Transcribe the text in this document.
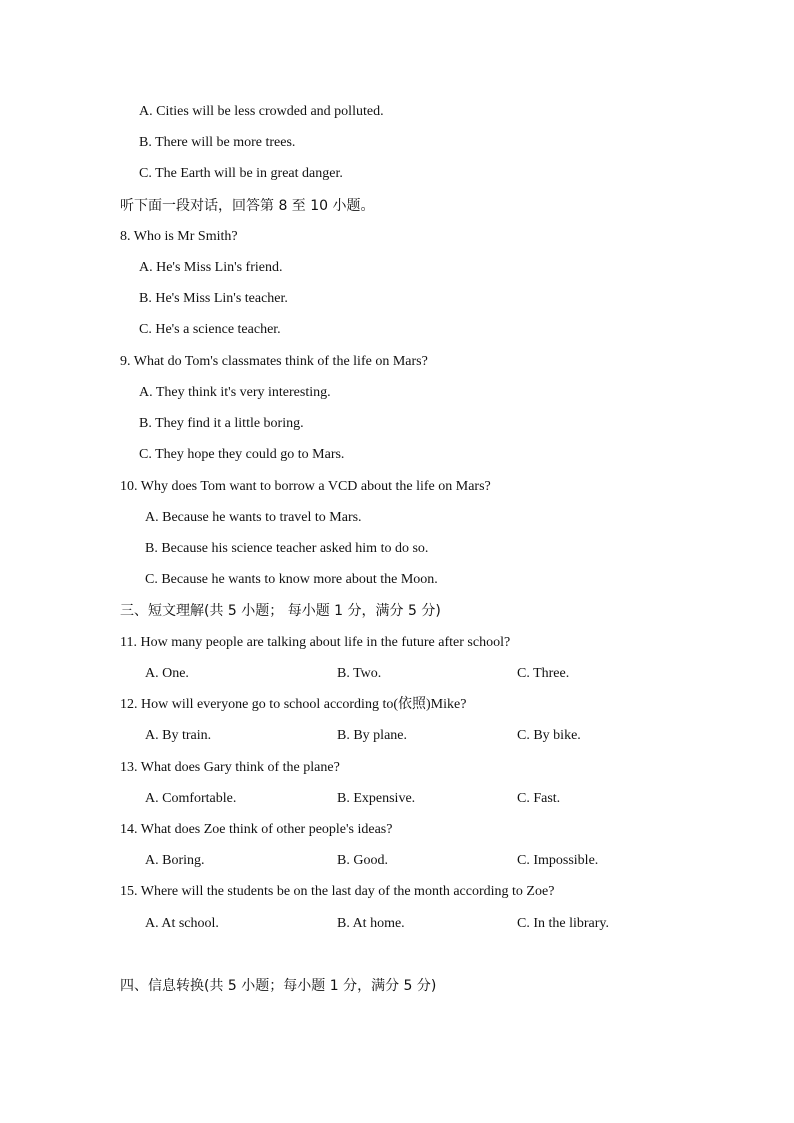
A. Cities will be less crowded and polluted.
B. There will be more trees.
C. The Earth will be in great danger.
听下面一段对话，回答第 8 至 10 小题。
8. Who is Mr Smith?
A. He's Miss Lin's friend.
B. He's Miss Lin's teacher.
C. He's a science teacher.
9. What do Tom's classmates think of the life on Mars?
A. They think it's very interesting.
B. They find it a little boring.
C. They hope they could go to Mars.
10. Why does Tom want to borrow a VCD about the life on Mars?
A. Because he wants to travel to Mars.
B. Because his science teacher asked him to do so.
C. Because he wants to know more about the Moon.
三、短文理解(共 5 小题； 每小题 1 分，满分 5 分)
11. How many people are talking about life in the future after school?
A. One.	B. Two.	C. Three.
12. How will everyone go to school according to(依照)Mike?
A. By train.	B. By plane.	C. By bike.
13. What does Gary think of the plane?
A. Comfortable.	B. Expensive.	C. Fast.
14. What does Zoe think of other people's ideas?
A. Boring.	B. Good.	C. Impossible.
15. Where will the students be on the last day of the month according to Zoe?
A. At school.	B. At home.	C. In the library.
四、信息转换(共 5 小题；每小题 1 分，满分 5 分)
